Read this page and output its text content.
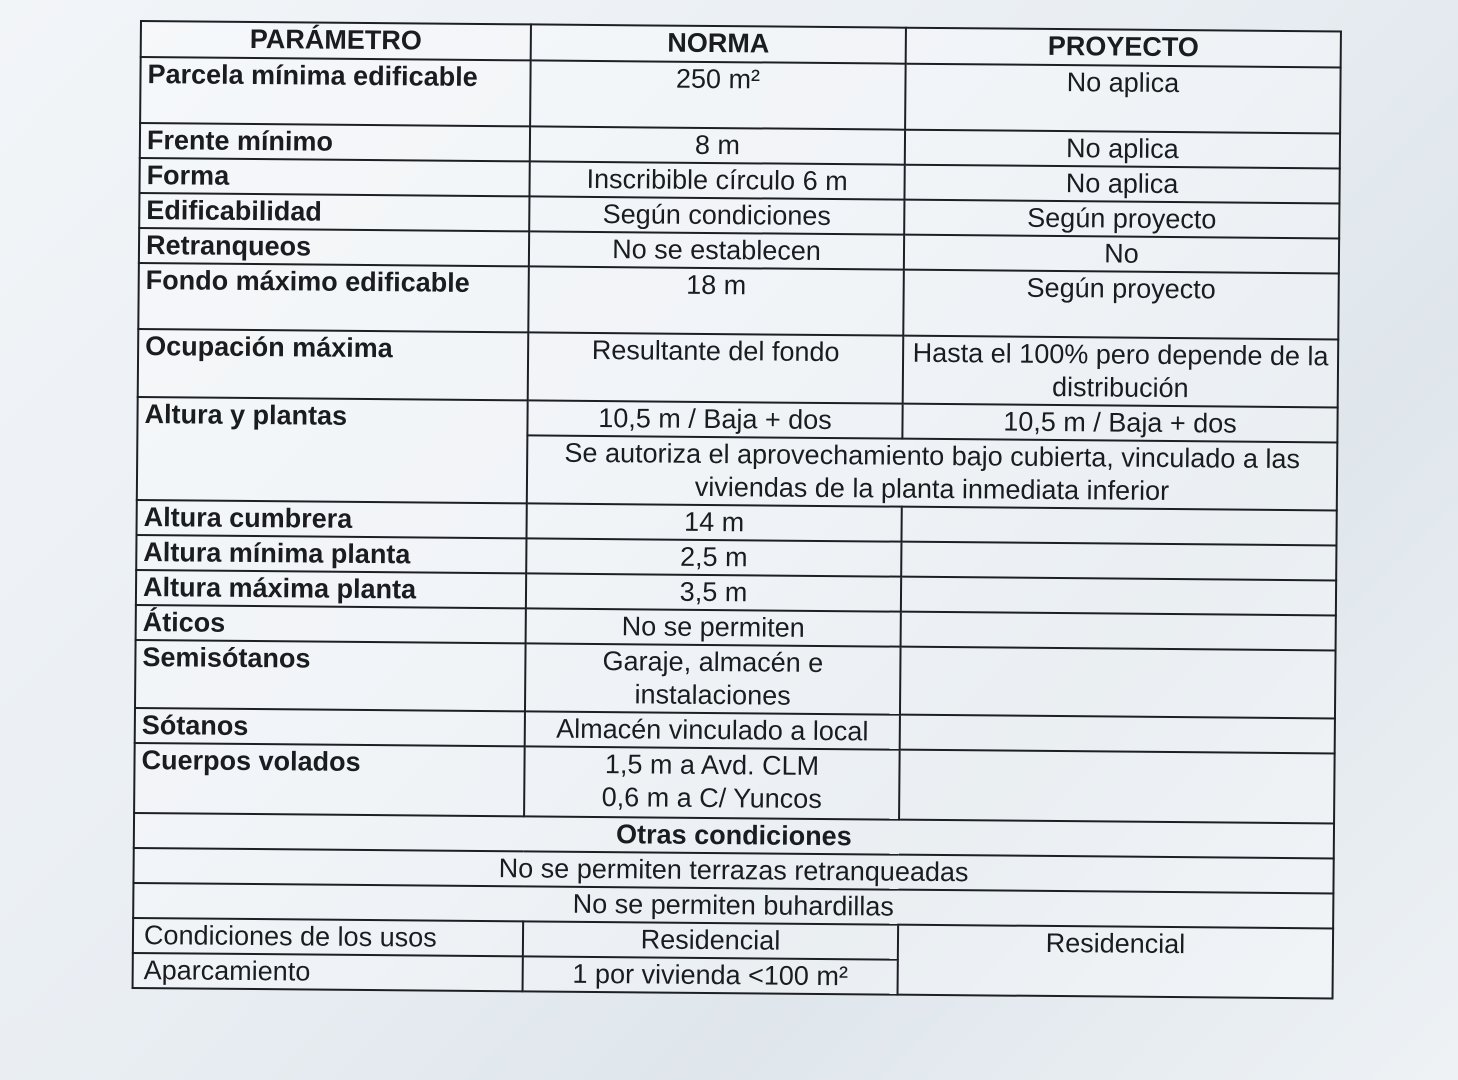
PARÁMETRO	NORMA	PROYECTO
Parcela mínima edificable	250 m²	No aplica
Frente mínimo	8 m	No aplica
Forma	Inscribible círculo 6 m	No aplica
Edificabilidad	Según condiciones	Según proyecto
Retranqueos	No se establecen	No
Fondo máximo edificable	18 m	Según proyecto
Ocupación máxima	Resultante del fondo	Hasta el 100% pero depende de la distribución
Altura y plantas	10,5 m / Baja + dos	10,5 m / Baja + dos
	Se autoriza el aprovechamiento bajo cubierta, vinculado a las viviendas de la planta inmediata inferior	
Altura cumbrera	14 m	
Altura mínima planta	2,5 m	
Altura máxima planta	3,5 m	
Áticos	No se permiten	
Semisótanos	Garaje, almacén e instalaciones	
Sótanos	Almacén vinculado a local	
Cuerpos volados	1,5 m a Avd. CLM
0,6 m a C/ Yuncos	

Otras condiciones		
No se permiten terrazas retranqueadas		
No se permiten buhardillas		
Condiciones de los usos	Residencial	Residencial
Aparcamiento	1 por vivienda <100 m²	
